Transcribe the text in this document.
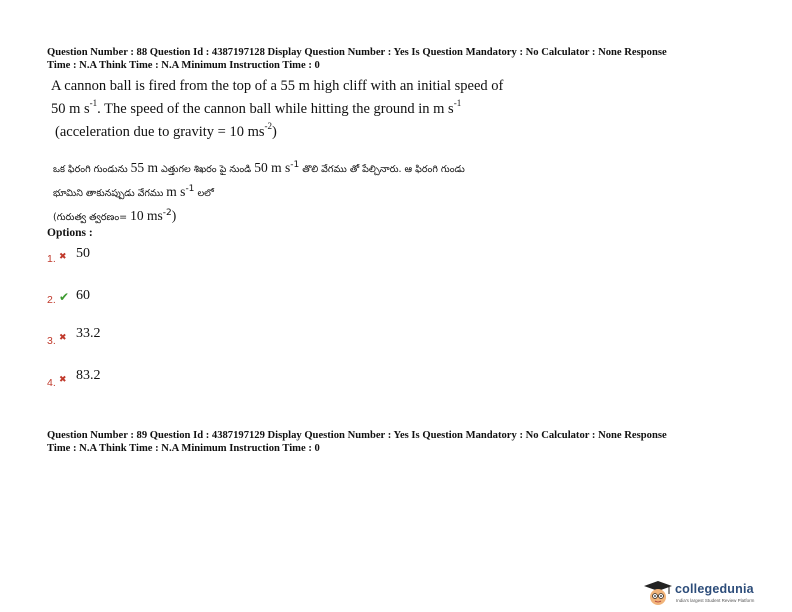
Question Number : 88 Question Id : 4387197128 Display Question Number : Yes Is Question Mandatory : No Calculator : None Response
Time : N.A Think Time : N.A Minimum Instruction Time : 0
A cannon ball is fired from the top of a 55 m high cliff with an initial speed of
50 m $s^{-1}$. The speed of the cannon ball while hitting the ground in m $s^{-1}$
(acceleration due to gravity = 10 $ms^{-2}$)
ఒక ఫిరంగి గుండును 55 m ఎత్తుగల శిఖరం పై నుండి 50 m $s^{-1}$ తొలి వేగము తో పేల్చినారు. ఆ ఫిరంగి గుండు
భూమిని తాకునప్పుడు వేగము m $s^{-1}$ లలో
(గురుత్వ త్వరణం= 10 $ms^{-2}$)
Options :
1. ✖ 50
2. ✔ 60
3. ✖ 33.2
4. ✖ 83.2
Question Number : 89 Question Id : 4387197129 Display Question Number : Yes Is Question Mandatory : No Calculator : None Response
Time : N.A Think Time : N.A Minimum Instruction Time : 0
collegedunia
India's largest Student Review Platform
